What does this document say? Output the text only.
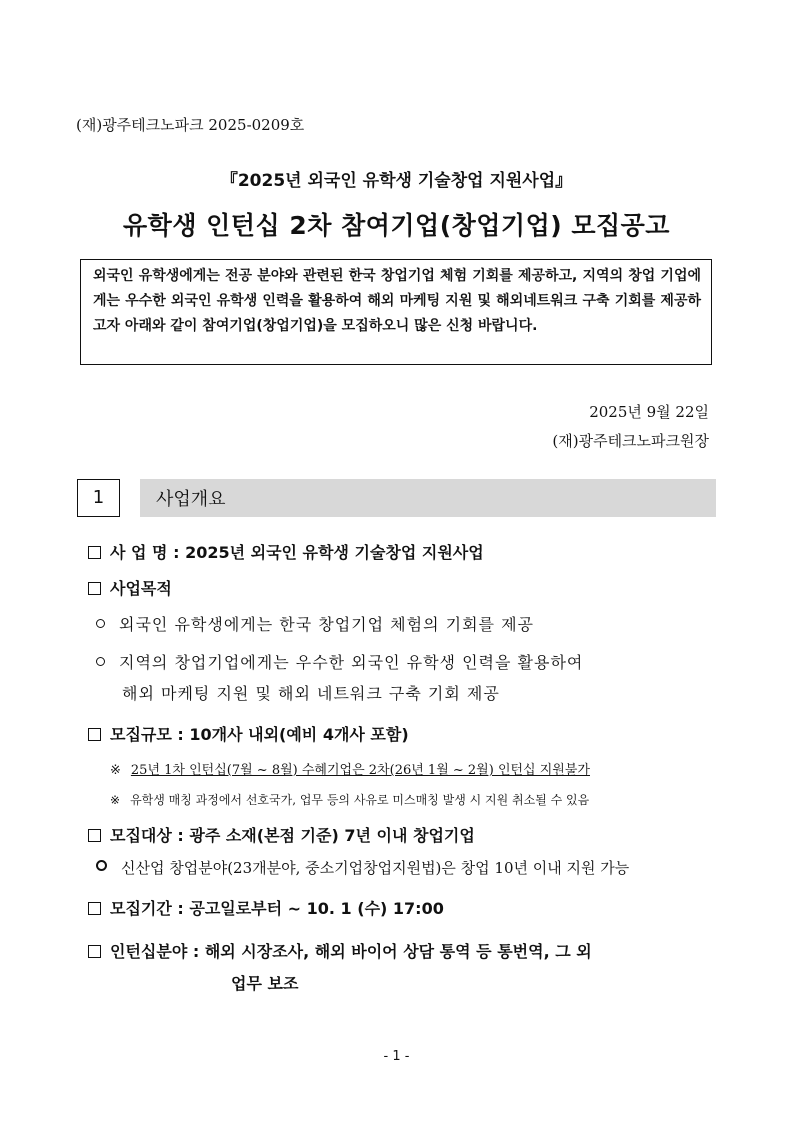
(재)광주테크노파크 2025-0209호
『2025년 외국인 유학생 기술창업 지원사업』
유학생 인턴십 2차 참여기업(창업기업) 모집공고
외국인 유학생에게는 전공 분야와 관련된 한국 창업기업 체험 기회를 제공하고, 지역의 창업 기업에게는 우수한 외국인 유학생 인력을 활용하여 해외 마케팅 지원 및 해외네트워크 구축 기회를 제공하고자 아래와 같이 참여기업(창업기업)을 모집하오니 많은 신청 바랍니다.
2025년 9월 22일
(재)광주테크노파크원장
1	사업개요
사 업 명 : 2025년 외국인 유학생 기술창업 지원사업
사업목적
외국인 유학생에게는 한국 창업기업 체험의 기회를 제공
지역의 창업기업에게는 우수한 외국인 유학생 인력을 활용하여
해외 마케팅 지원 및 해외 네트워크 구축 기회 제공
모집규모 : 10개사 내외(예비 4개사 포함)
※ 25년 1차 인턴십(7월 ~ 8월) 수혜기업은 2차(26년 1월 ~ 2월) 인턴십 지원불가
※ 유학생 매칭 과정에서 선호국가, 업무 등의 사유로 미스매칭 발생 시 지원 취소될 수 있음
모집대상 : 광주 소재(본점 기준) 7년 이내 창업기업
신산업 창업분야(23개분야, 중소기업창업지원법)은 창업 10년 이내 지원 가능
모집기간 : 공고일로부터 ~ 10. 1 (수) 17:00
인턴십분야 : 해외 시장조사, 해외 바이어 상담 통역 등 통번역, 그 외
업무 보조
- 1 -
